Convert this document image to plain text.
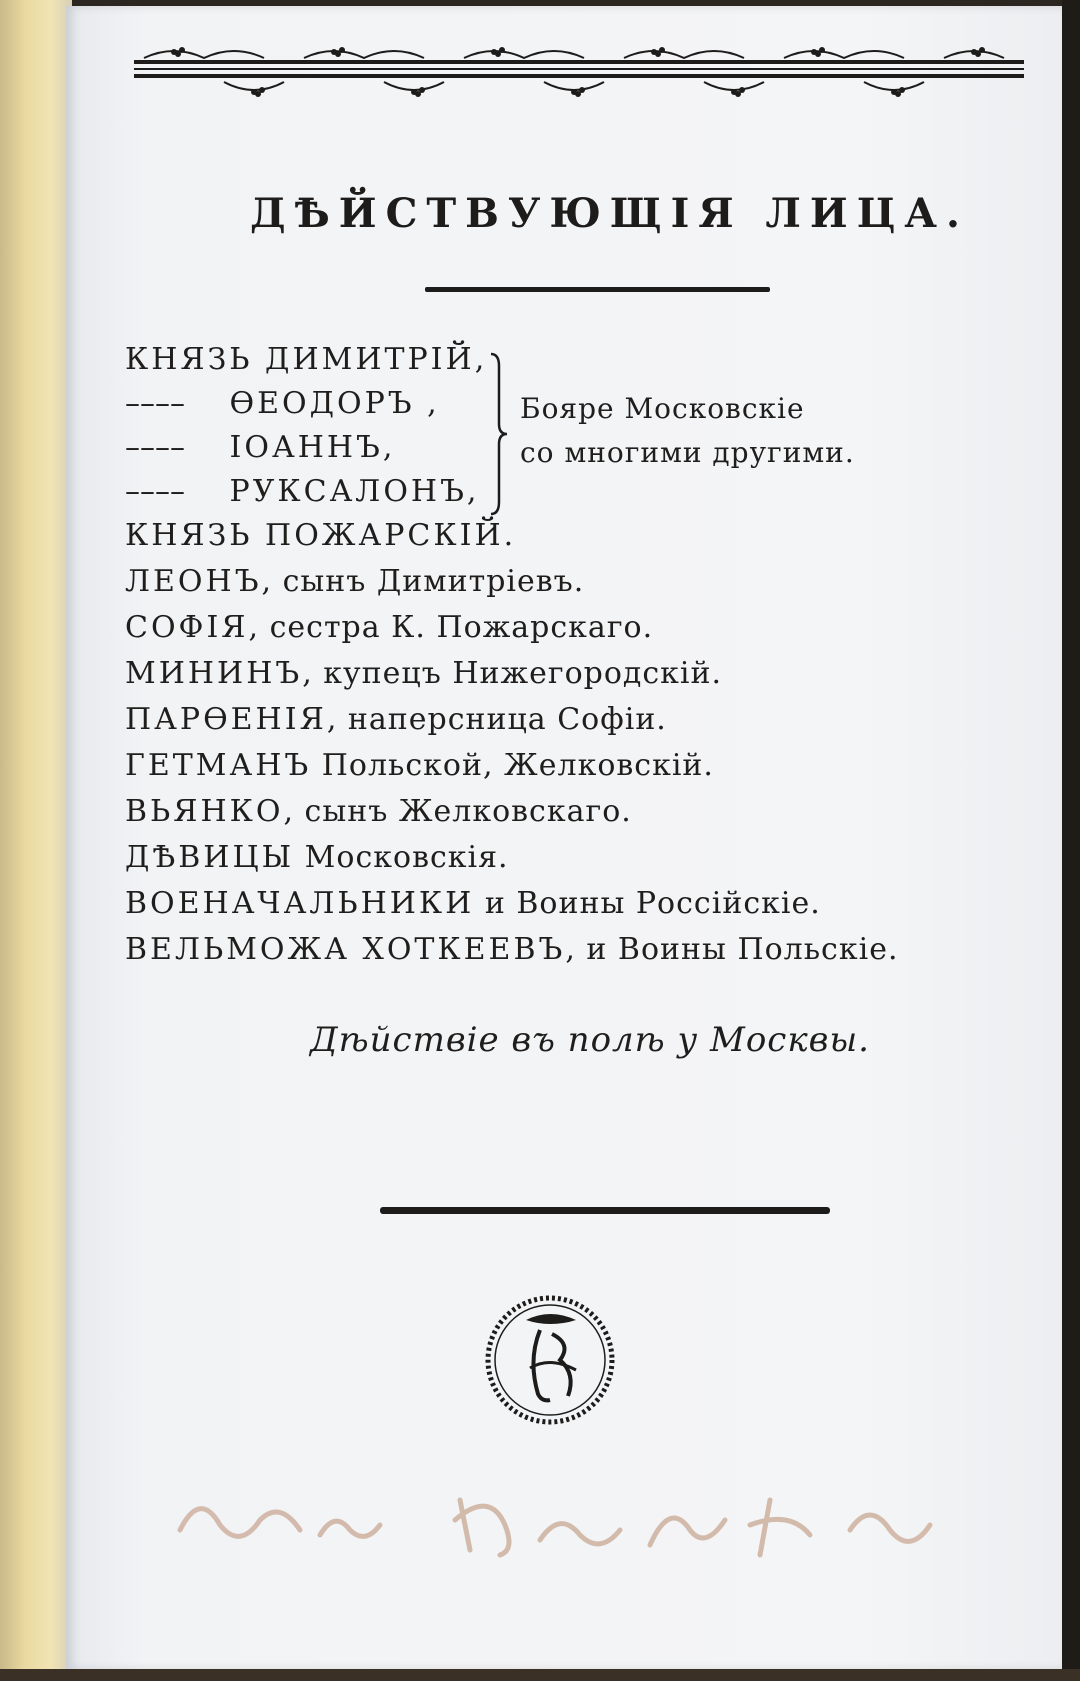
ДѢЙСТВУЮЩІЯ ЛИЦА.
КНЯЗЬ ДИМИТРІЙ,
–––– ѲЕОДОРЪ ,
–––– ІОАННЪ,
–––– РУКСАЛОНЪ,
КНЯЗЬ ПОЖАРСКІЙ.
ЛЕОНЪ, сынъ Димитріевъ.
СОФІЯ, сестра К. Пожарскаго.
МИНИНЪ, купецъ Нижегородскій.
ПАРѲЕНІЯ, наперсница Софіи.
ГЕТМАНЪ Польской, Желковскій.
ВЬЯНКО, сынъ Желковскаго.
ДѢВИЦЫ Московскія.
ВОЕНАЧАЛЬНИКИ и Воины Россійскіе.
ВЕЛЬМОЖА ХОТКЕЕВЪ, и Воины Польскіе.
Бояре Московскіе
со многими другими.
Дѣйствіе въ полѣ у Москвы.
